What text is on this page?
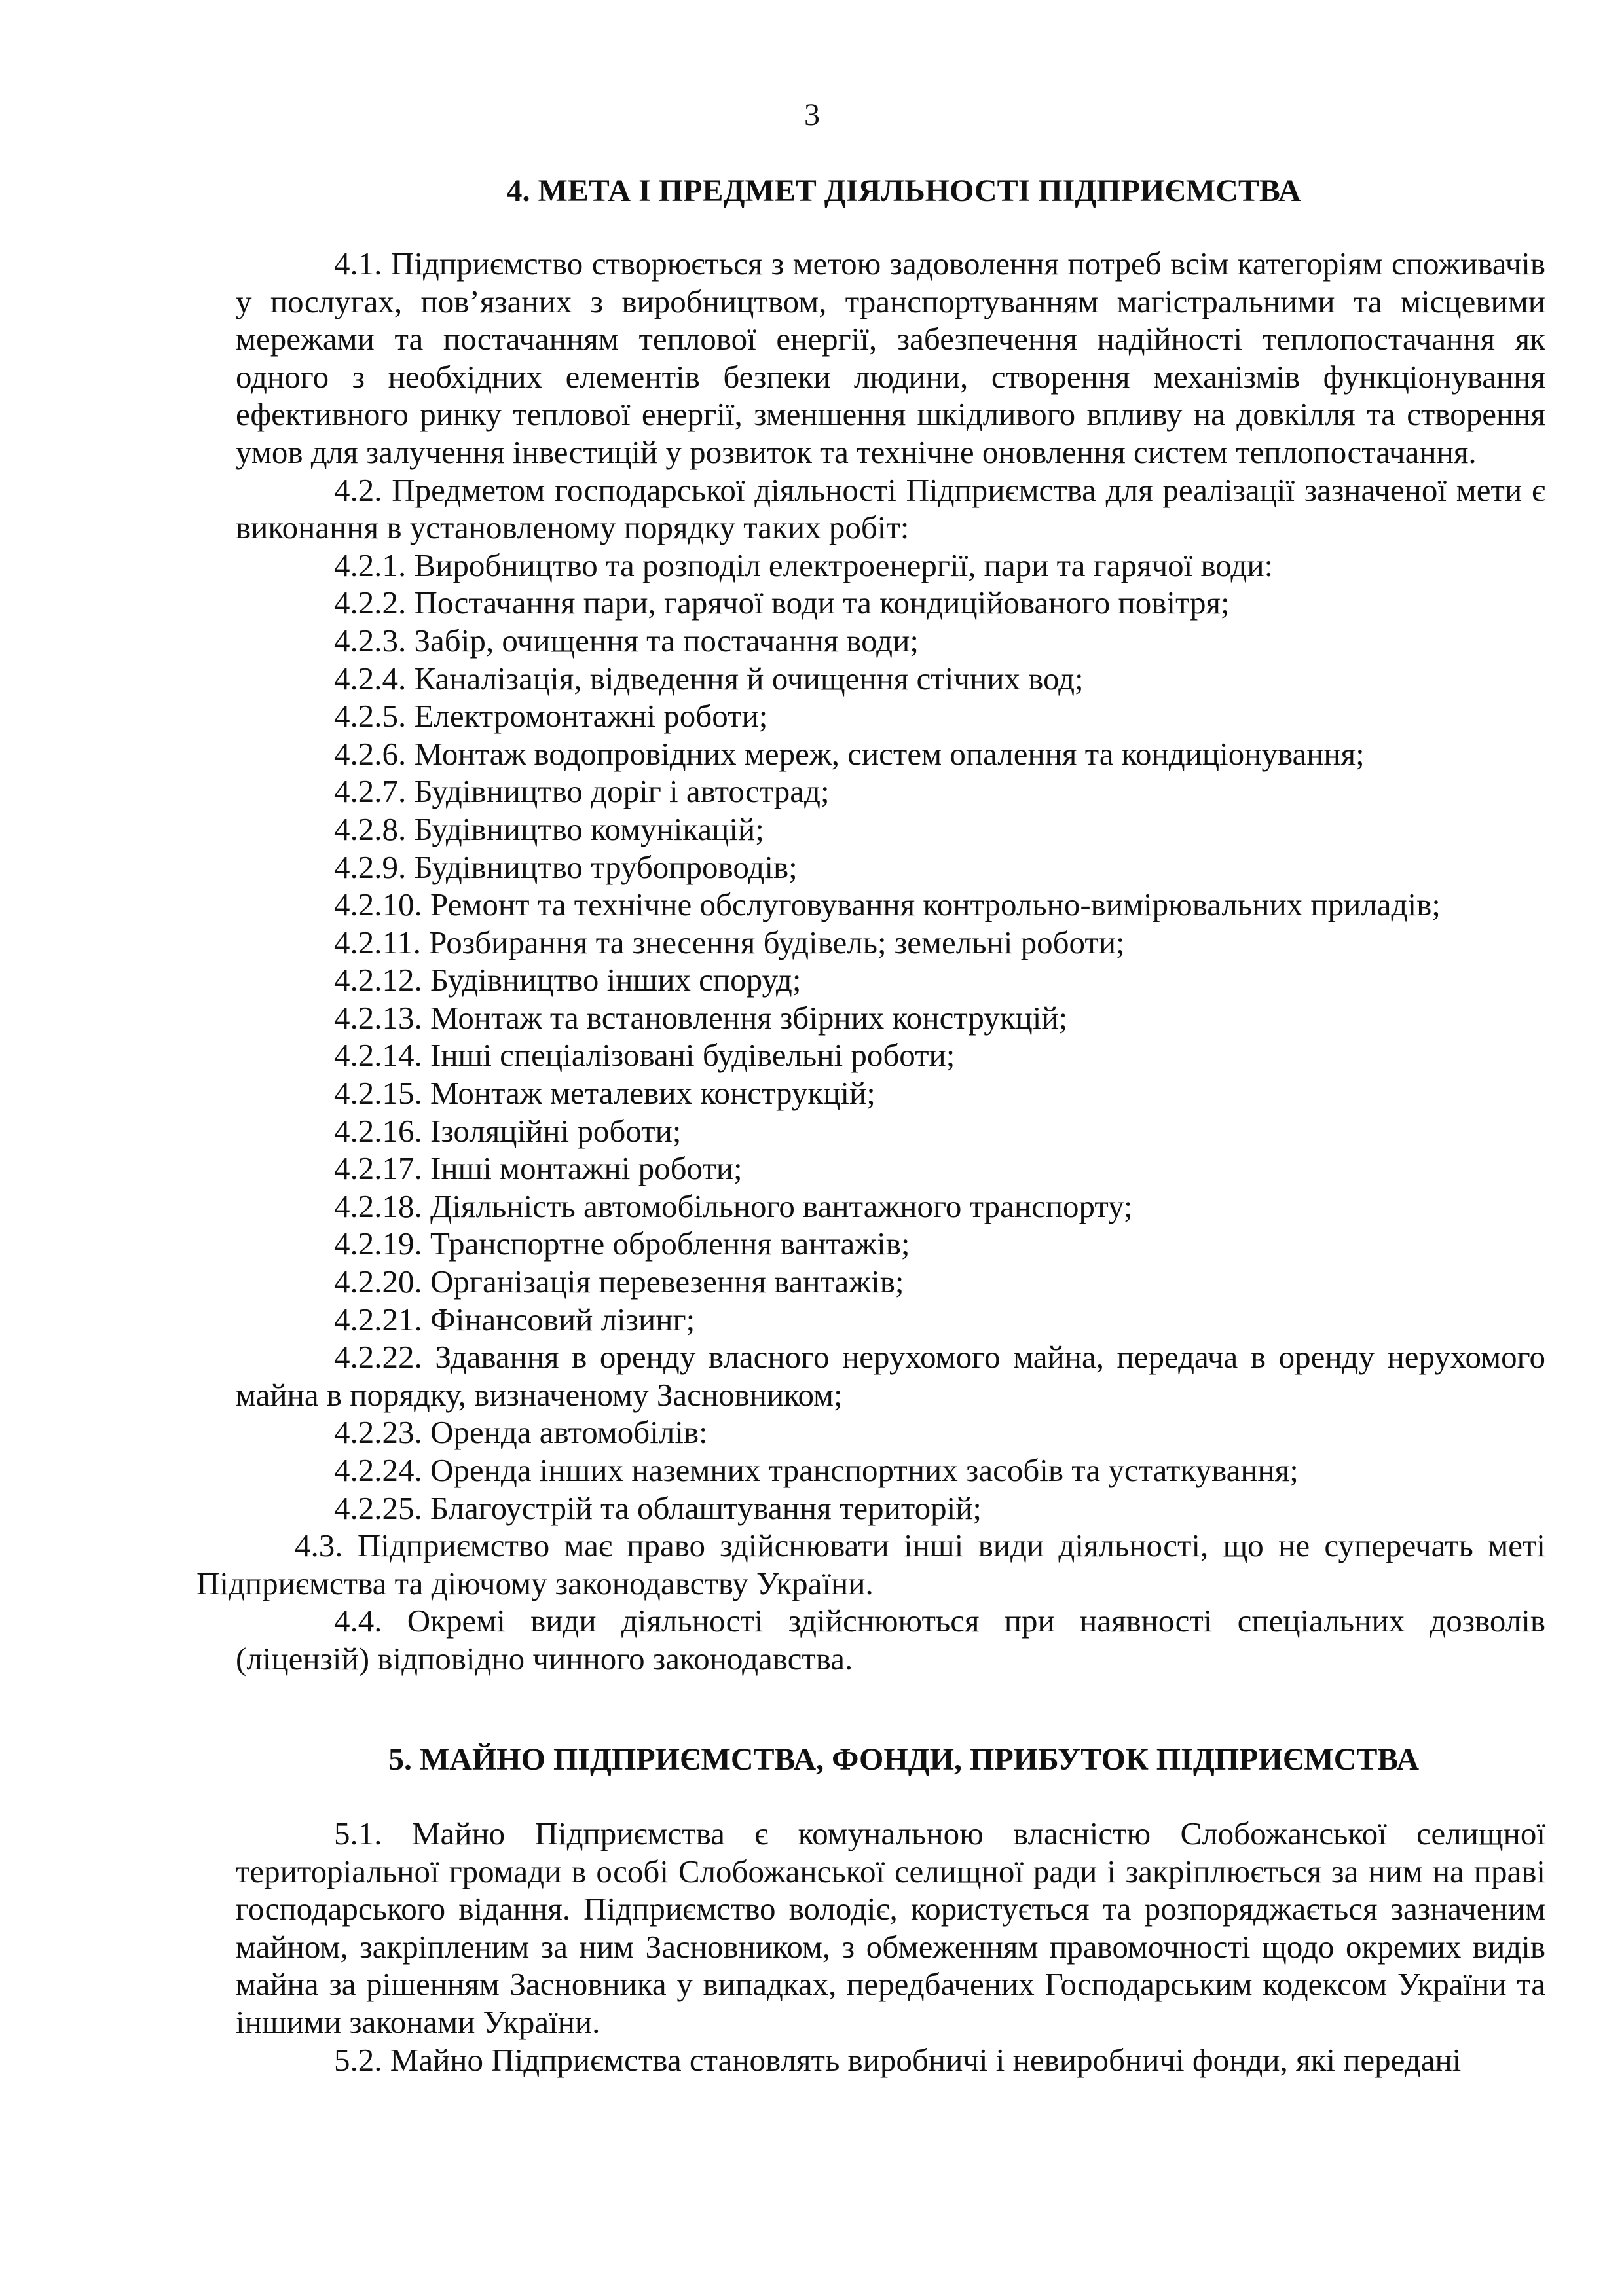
3
4. МЕТА І ПРЕДМЕТ ДІЯЛЬНОСТІ ПІДПРИЄМСТВА

4.1. Підприємство створюється з метою задоволення потреб всім категоріям споживачів у послугах, пов’язаних з виробництвом, транспортуванням магістральними та місцевими мережами та постачанням теплової енергії, забезпечення надійності теплопостачання як одного з необхідних елементів безпеки людини, створення механізмів функціонування ефективного ринку теплової енергії, зменшення шкідливого впливу на довкілля та створення умов для залучення інвестицій у розвиток та технічне оновлення систем теплопостачання.

4.2. Предметом господарської діяльності Підприємства для реалізації зазначеної мети є виконання в установленому порядку таких робіт:

4.2.1. Виробництво та розподіл електроенергії, пари та гарячої води:

4.2.2. Постачання пари, гарячої води та кондиційованого повітря;

4.2.3. Забір, очищення та постачання води;

4.2.4. Каналізація, відведення й очищення стічних вод;

4.2.5. Електромонтажні роботи;

4.2.6. Монтаж водопровідних мереж, систем опалення та кондиціонування;

4.2.7. Будівництво доріг і автострад;

4.2.8. Будівництво комунікацій;

4.2.9. Будівництво трубопроводів;

4.2.10. Ремонт та технічне обслуговування контрольно-вимірювальних приладів;

4.2.11. Розбирання та знесення будівель; земельні роботи;

4.2.12. Будівництво інших споруд;

4.2.13. Монтаж та встановлення збірних конструкцій;

4.2.14. Інші спеціалізовані будівельні роботи;

4.2.15. Монтаж металевих конструкцій;

4.2.16. Ізоляційні роботи;

4.2.17. Інші монтажні роботи;

4.2.18. Діяльність автомобільного вантажного транспорту;

4.2.19. Транспортне оброблення вантажів;

4.2.20. Організація перевезення вантажів;

4.2.21. Фінансовий лізинг;

4.2.22. Здавання в оренду власного нерухомого майна, передача в оренду нерухомого майна в порядку, визначеному Засновником;

4.2.23. Оренда автомобілів:

4.2.24. Оренда інших наземних транспортних засобів та устаткування;

4.2.25. Благоустрій та облаштування територій;

4.3. Підприємство має право здійснювати інші види діяльності, що не суперечать меті Підприємства та діючому законодавству України.

4.4. Окремі види діяльності здійснюються при наявності спеціальних дозволів (ліцензій) відповідно чинного законодавства.

5. МАЙНО ПІДПРИЄМСТВА, ФОНДИ, ПРИБУТОК ПІДПРИЄМСТВА

5.1. Майно Підприємства є комунальною власністю Слобожанської селищної територіальної громади в особі Слобожанської селищної ради і закріплюється за ним на праві господарського відання. Підприємство володіє, користується та розпоряджається зазначеним майном, закріпленим за ним Засновником, з обмеженням правомочності щодо окремих видів майна за рішенням Засновника у випадках, передбачених Господарським кодексом України та іншими законами України.

5.2. Майно Підприємства становлять виробничі і невиробничі фонди, які передані
